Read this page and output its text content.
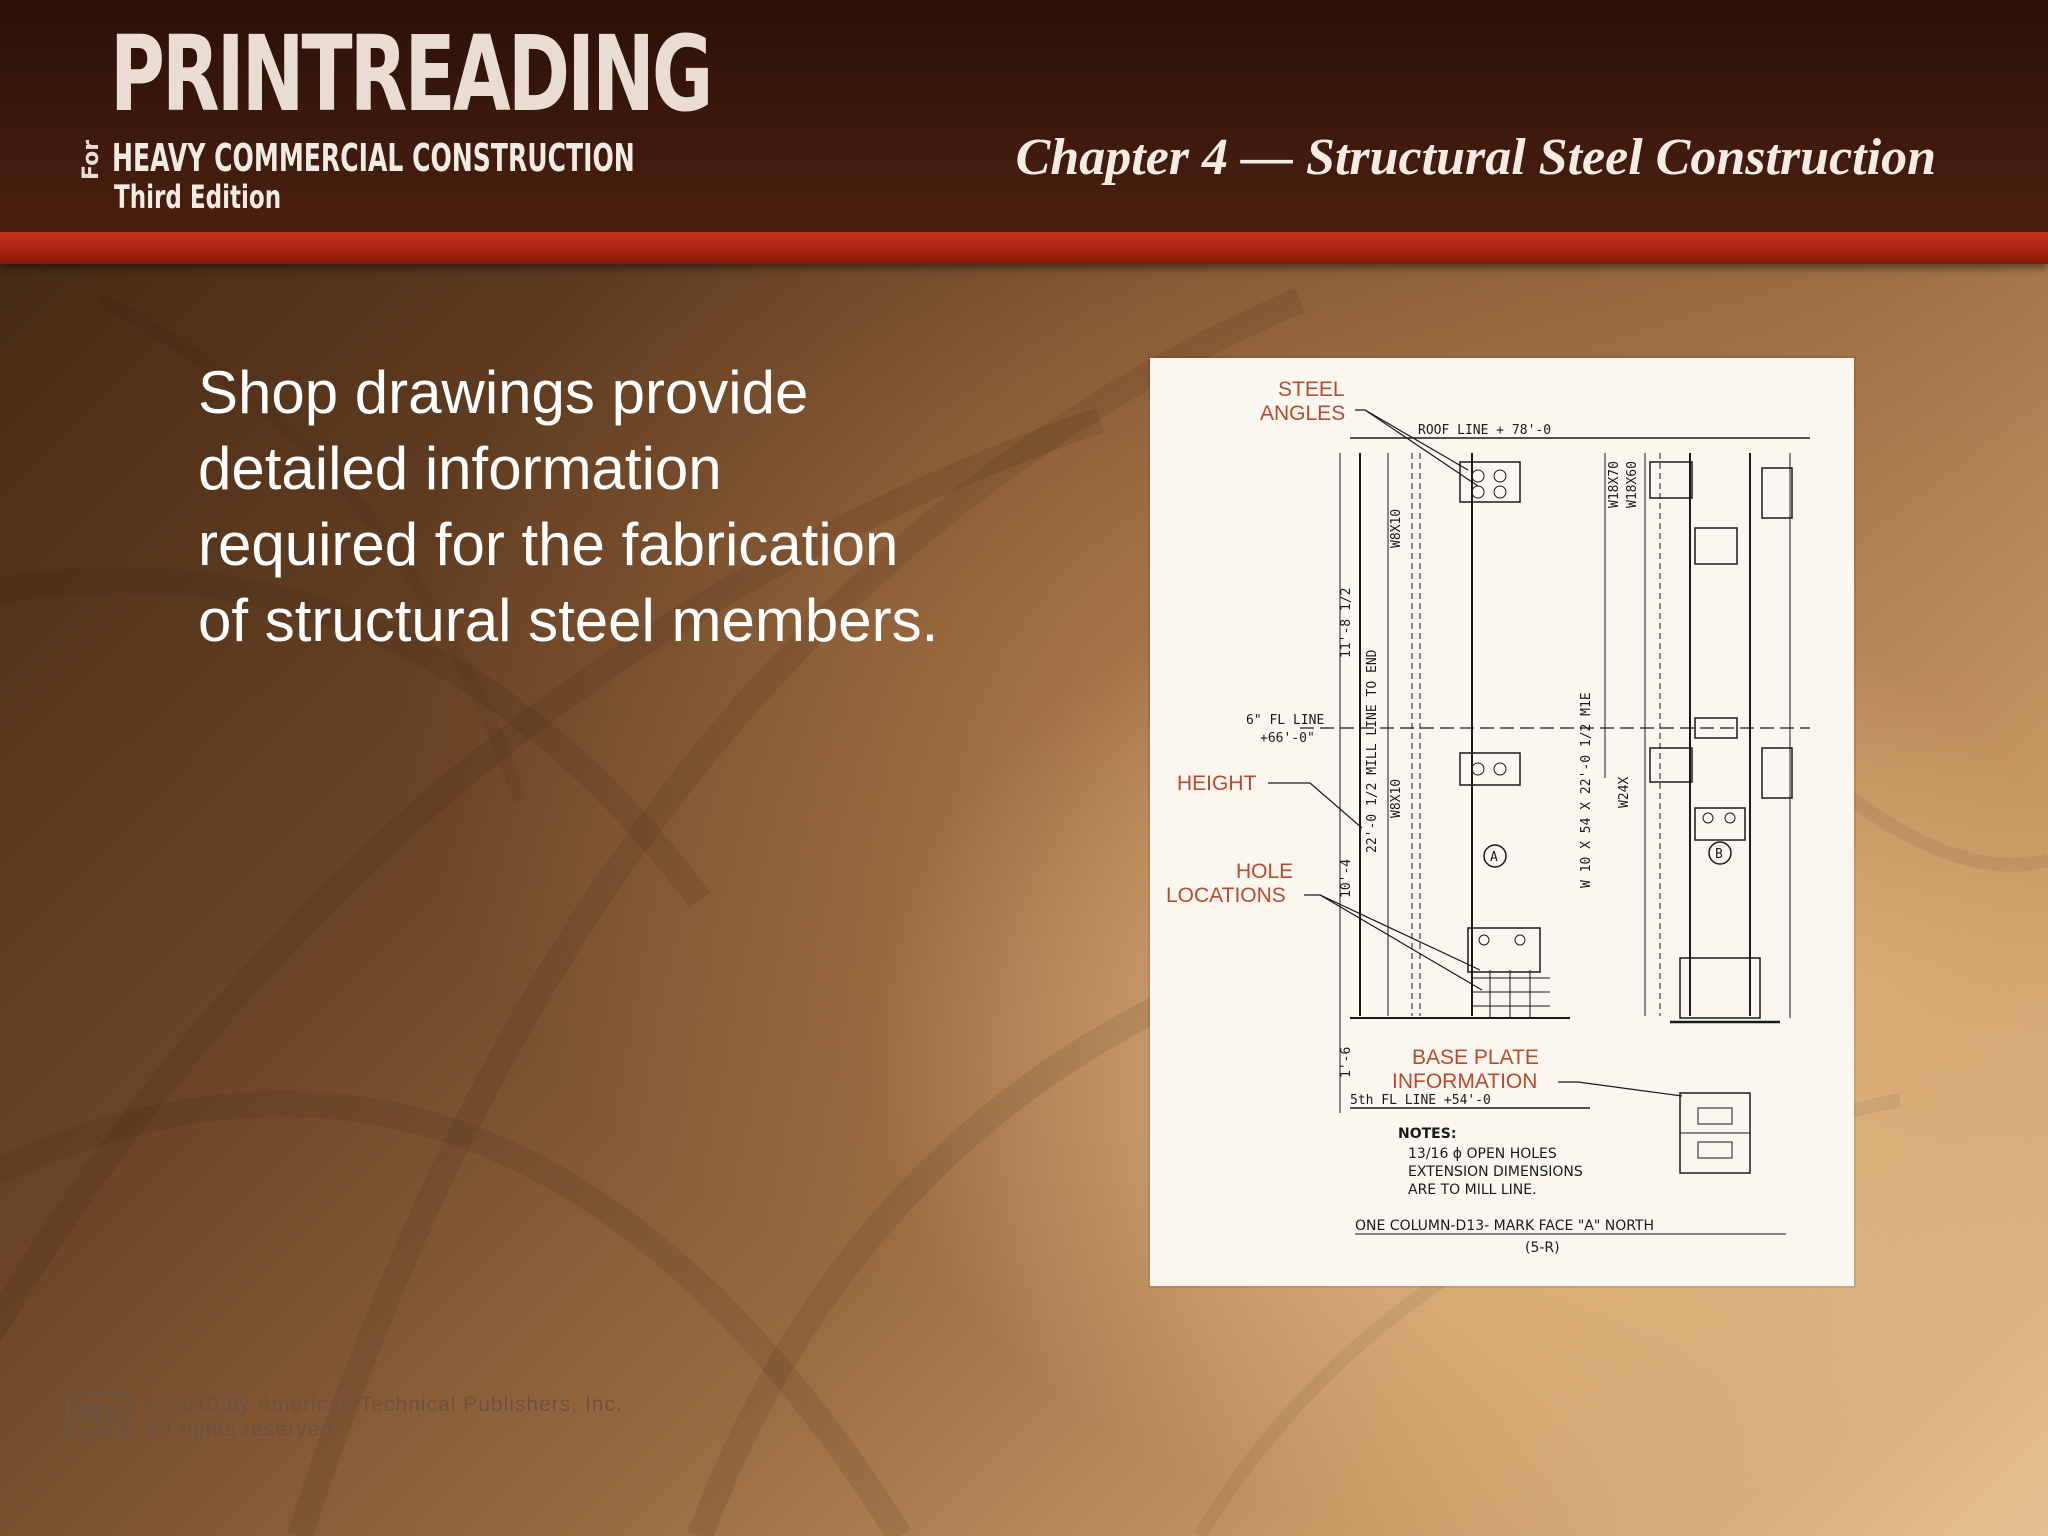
PRINTREADING
For HEAVY COMMERCIAL CONSTRUCTION
Third Edition
Chapter 4 — Structural Steel Construction

Shop drawings provide detailed information required for the fabrication of structural steel members.

ROOF LINE + 78'-0
6" FL LINE
+66'-0"
A	B
5th FL LINE +54'-0
11'-8 1/2
10'-4
1'-6
22'-0 1/2 MILL LINE TO END
W8X10
W8X10	W 10 X 54 X 22'-0 1/2 M1E
W18X70 W18X60
W24X
STEEL
ANGLES
HEIGHT
HOLE
LOCATIONS
BASE PLATE
INFORMATION
NOTES:
13/16 ϕ OPEN HOLES
EXTENSION DIMENSIONS
ARE TO MILL LINE.
ONE COLUMN-D13- MARK FACE "A" NORTH
(5-R)
atp © 2010 by American Technical Publishers, Inc.
All rights reserved
